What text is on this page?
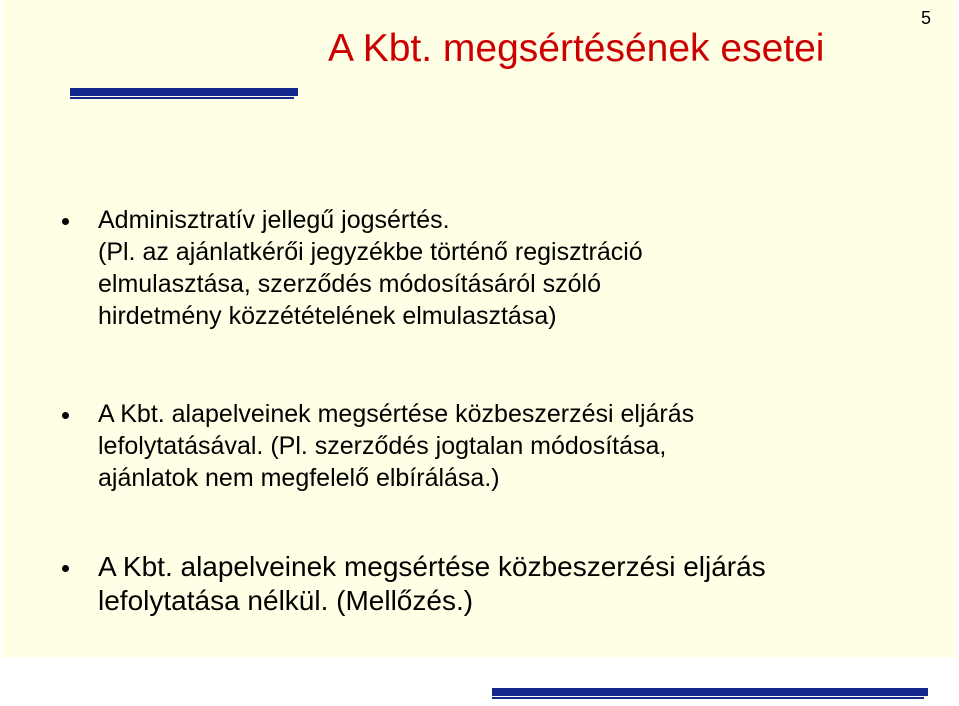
5
A Kbt. megsértésének esetei
Adminisztratív jellegű jogsértés.
(Pl. az ajánlatkérői jegyzékbe történő regisztráció
elmulasztása, szerződés módosításáról szóló
hirdetmény közzétételének elmulasztása)
A Kbt. alapelveinek megsértése közbeszerzési eljárás
lefolytatásával. (Pl. szerződés jogtalan módosítása,
ajánlatok nem megfelelő elbírálása.)
A Kbt. alapelveinek megsértése közbeszerzési eljárás
lefolytatása nélkül. (Mellőzés.)
